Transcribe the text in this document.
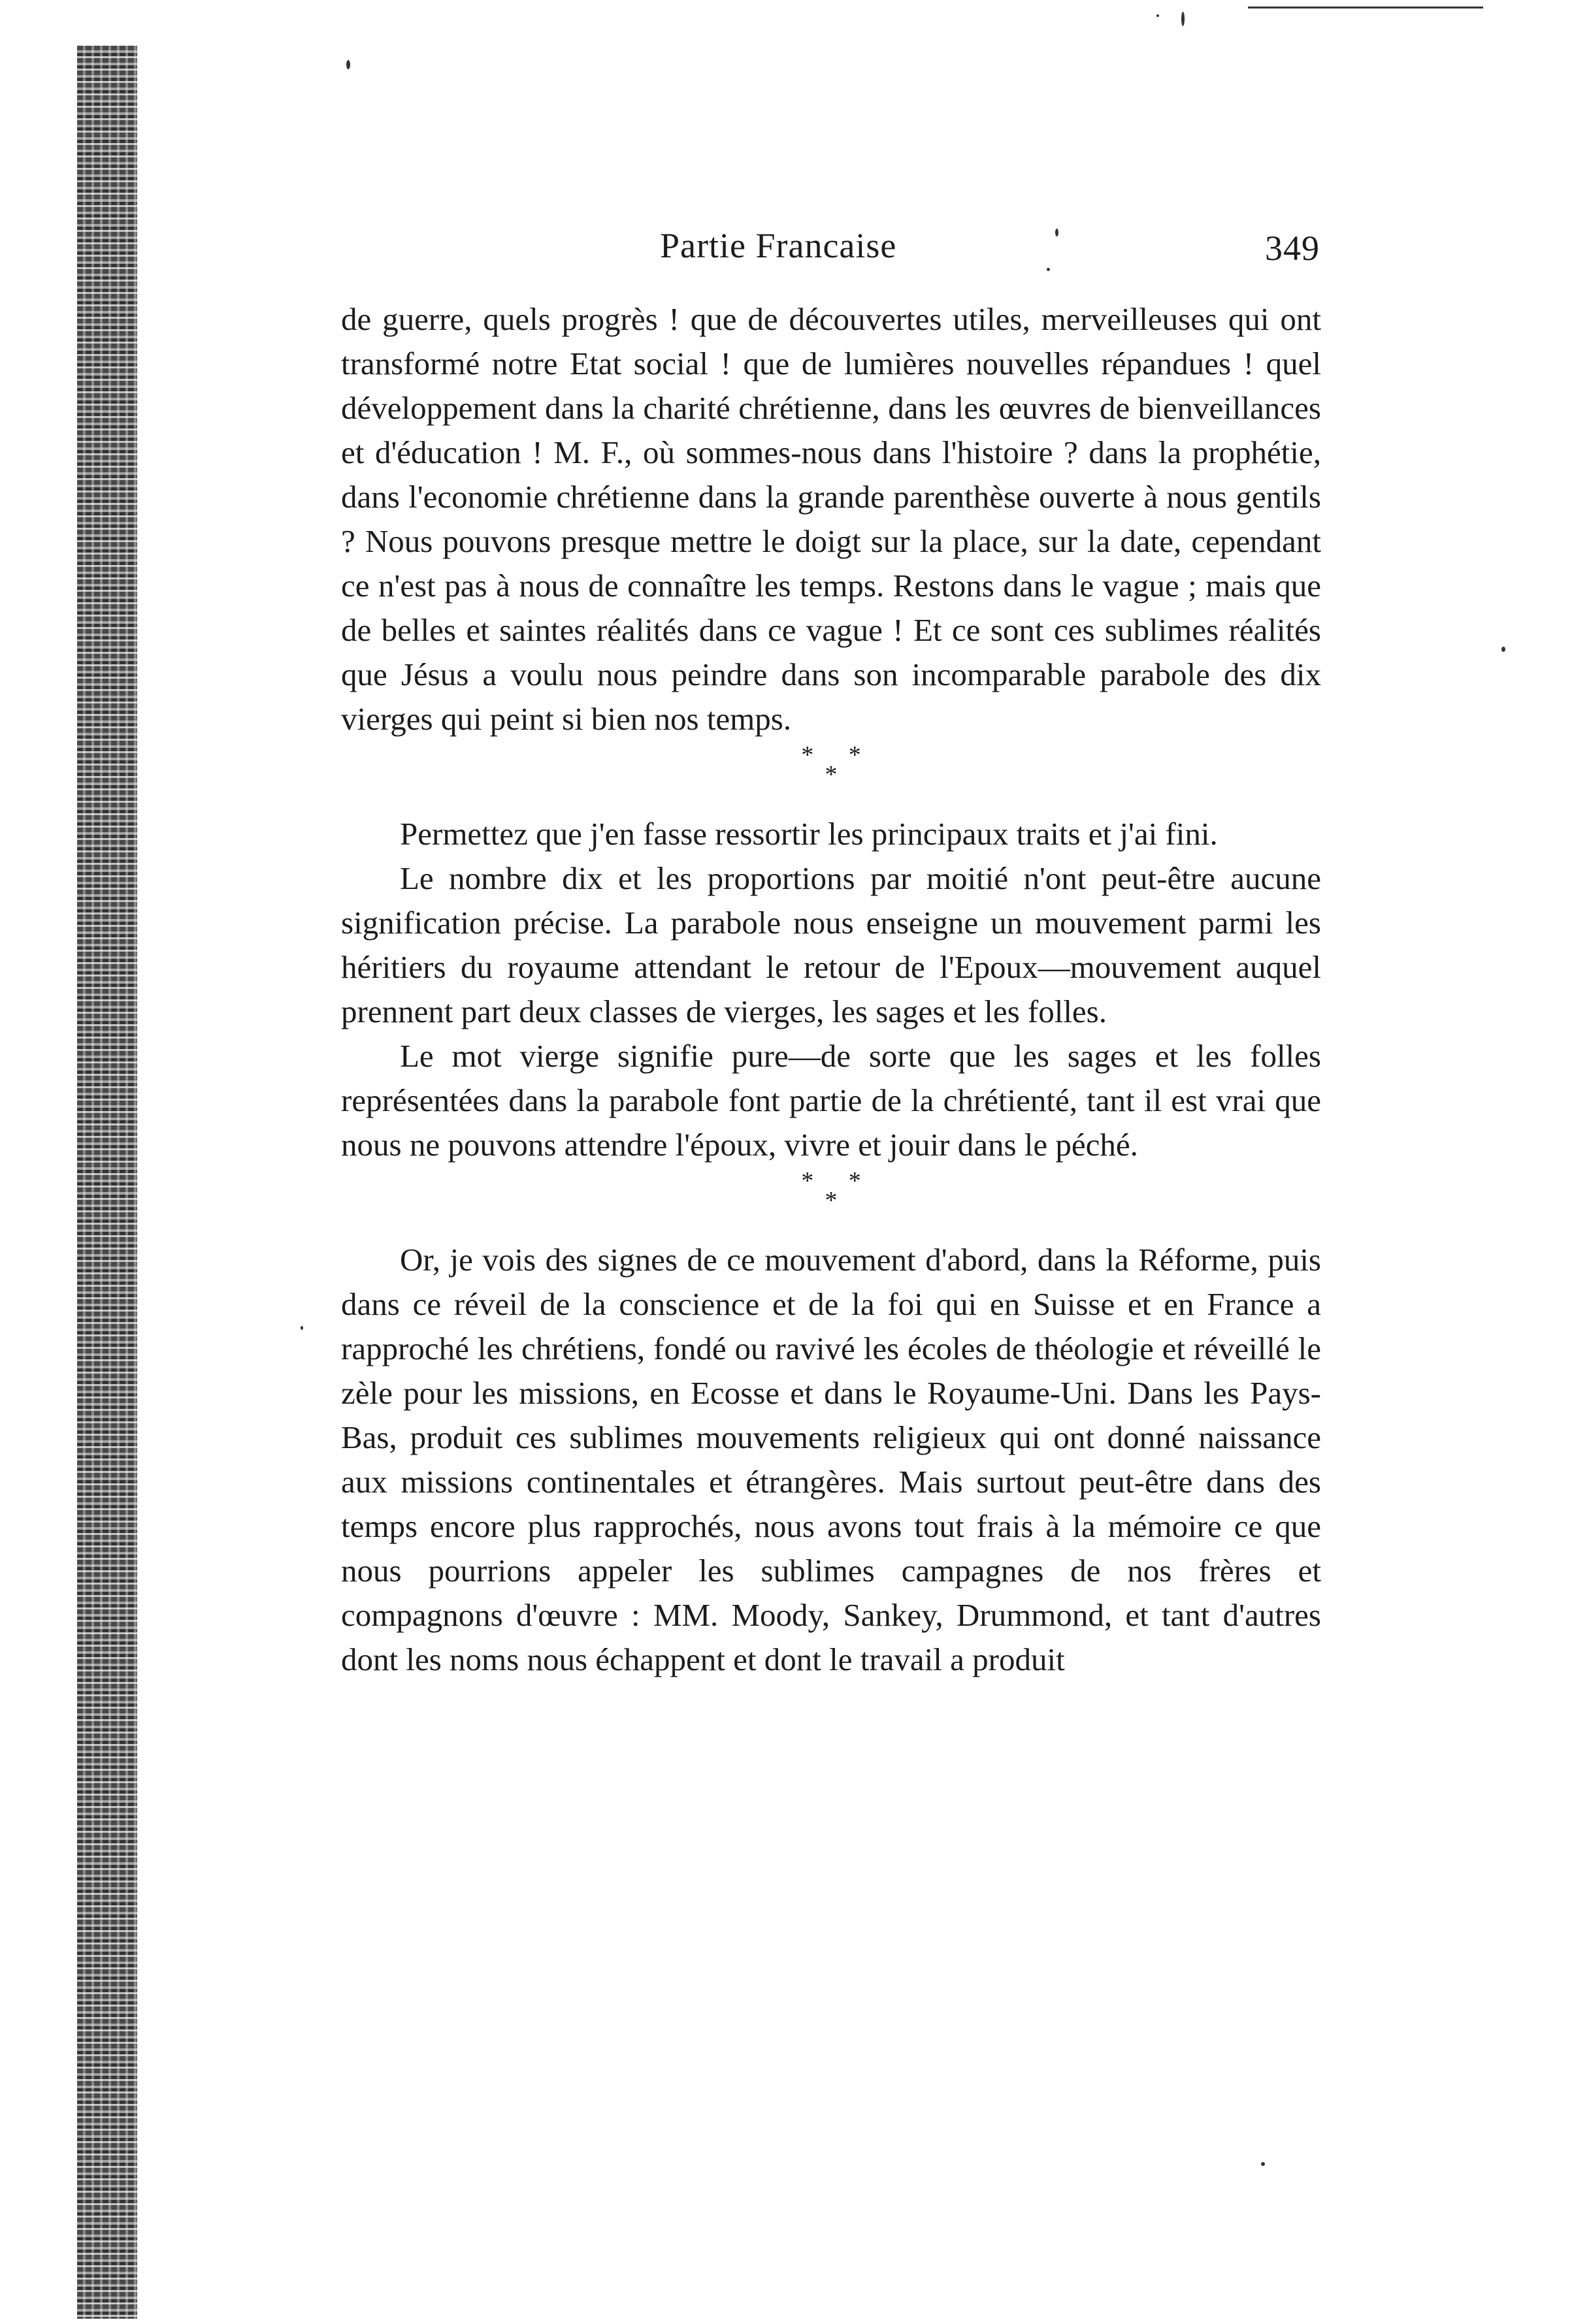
Partie Francaise	349

de guerre, quels progrès ! que de découvertes utiles, merveilleuses qui ont transformé notre Etat social ! que de lumières nouvelles répandues ! quel développement dans la charité chrétienne, dans les œuvres de bienveillances et d'éducation ! M. F., où sommes-nous dans l'histoire ? dans la prophétie, dans l'economie chrétienne dans la grande parenthèse ouverte à nous gentils ? Nous pouvons presque mettre le doigt sur la place, sur la date, cependant ce n'est pas à nous de connaître les temps. Restons dans le vague ; mais que de belles et saintes réalités dans ce vague ! Et ce sont ces sublimes réalités que Jésus a voulu nous peindre dans son incomparable parabole des dix vierges qui peint si bien nos temps.

* *
*

Permettez que j'en fasse ressortir les principaux traits et j'ai fini.

Le nombre dix et les proportions par moitié n'ont peut-être aucune signification précise. La parabole nous enseigne un mouvement parmi les héritiers du royaume attendant le retour de l'Epoux—mouvement auquel prennent part deux classes de vierges, les sages et les folles.

Le mot vierge signifie pure—de sorte que les sages et les folles représentées dans la parabole font partie de la chrétienté, tant il est vrai que nous ne pouvons attendre l'époux, vivre et jouir dans le péché.

* *
*

Or, je vois des signes de ce mouvement d'abord, dans la Réforme, puis dans ce réveil de la conscience et de la foi qui en Suisse et en France a rapproché les chrétiens, fondé ou ravivé les écoles de théologie et réveillé le zèle pour les missions, en Ecosse et dans le Royaume-Uni. Dans les Pays-Bas, produit ces sublimes mouvements religieux qui ont donné naissance aux missions continentales et étrangères. Mais surtout peut-être dans des temps encore plus rapprochés, nous avons tout frais à la mémoire ce que nous pourrions appeler les sublimes campagnes de nos frères et compagnons d'œuvre : MM. Moody, Sankey, Drummond, et tant d'autres dont les noms nous échappent et dont le travail a produit
